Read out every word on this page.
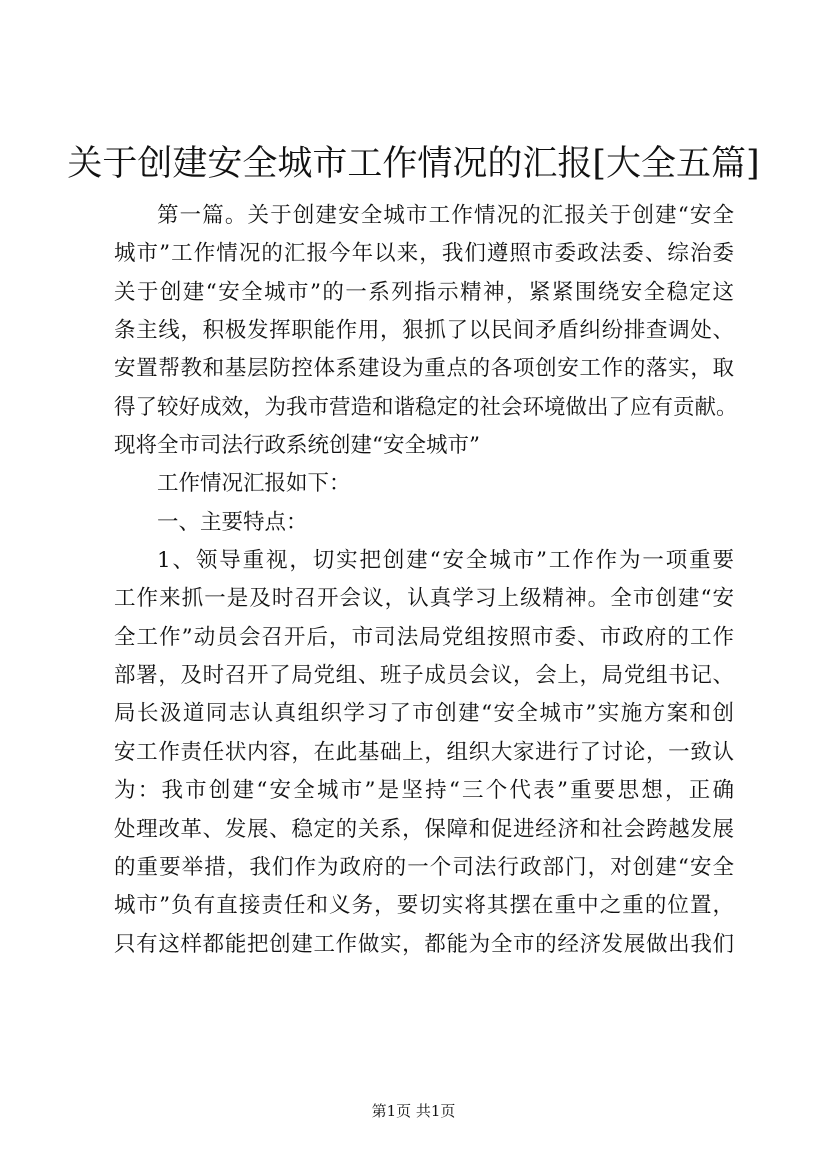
关于创建安全城市工作情况的汇报[大全五篇]
第一篇。关于创建安全城市工作情况的汇报关于创建“安全
城市”工作情况的汇报今年以来，我们遵照市委政法委、综治委
关于创建“安全城市”的一系列指示精神，紧紧围绕安全稳定这
条主线，积极发挥职能作用，狠抓了以民间矛盾纠纷排查调处、
安置帮教和基层防控体系建设为重点的各项创安工作的落实，取
得了较好成效，为我市营造和谐稳定的社会环境做出了应有贡献。
现将全市司法行政系统创建“安全城市”
工作情况汇报如下：
一、主要特点：
1、领导重视，切实把创建“安全城市”工作作为一项重要
工作来抓一是及时召开会议，认真学习上级精神。全市创建“安
全工作”动员会召开后，市司法局党组按照市委、市政府的工作
部署，及时召开了局党组、班子成员会议，会上，局党组书记、
局长汲道同志认真组织学习了市创建“安全城市”实施方案和创
安工作责任状内容，在此基础上，组织大家进行了讨论，一致认
为：我市创建“安全城市”是坚持“三个代表”重要思想，正确
处理改革、发展、稳定的关系，保障和促进经济和社会跨越发展
的重要举措，我们作为政府的一个司法行政部门，对创建“安全
城市”负有直接责任和义务，要切实将其摆在重中之重的位置，
只有这样都能把创建工作做实，都能为全市的经济发展做出我们
第1页 共1页
